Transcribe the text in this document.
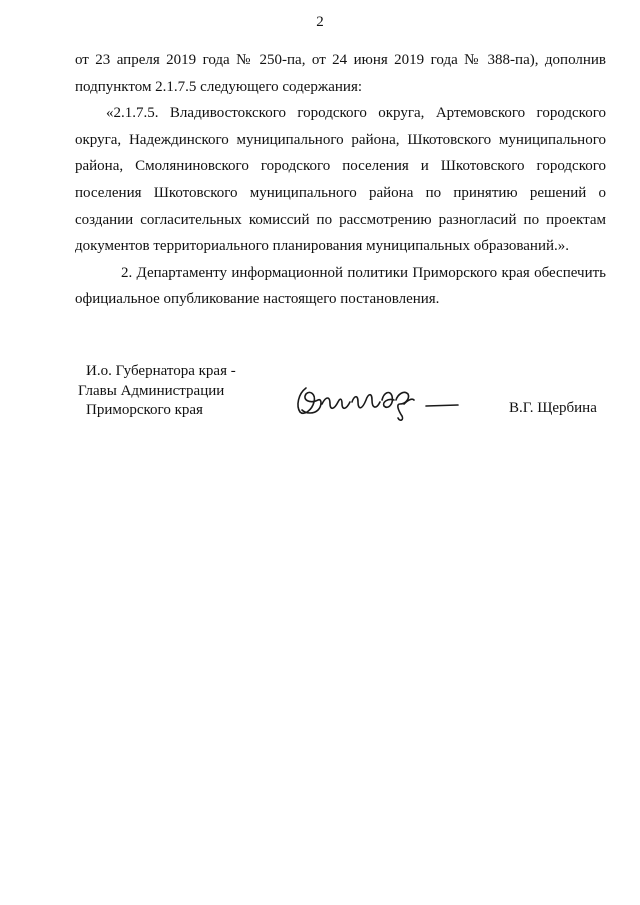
2

от 23 апреля 2019 года № 250-па, от 24 июня 2019 года № 388-па), дополнив подпунктом 2.1.7.5 следующего содержания:

«2.1.7.5. Владивостокского городского округа, Артемовского городского округа, Надеждинского муниципального района, Шкотовского муниципального района, Смоляниновского городского поселения и Шкотовского городского поселения Шкотовского муниципального района по принятию решений о создании согласительных комиссий по рассмотрению разногласий по проектам документов территориального планирования муниципальных образований.».

2. Департаменту информационной политики Приморского края обеспечить официальное опубликование настоящего постановления.

И.о. Губернатора края -
Главы Администрации
Приморского края	В.Г. Щербина
